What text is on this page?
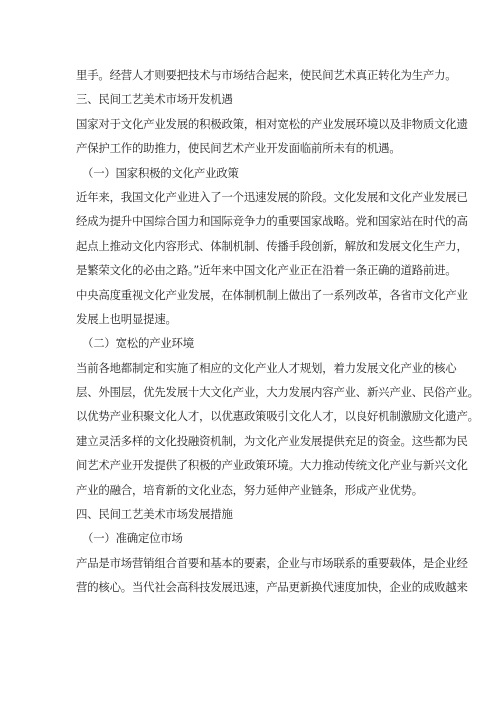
里手。经营人才则要把技术与市场结合起来，使民间艺术真正转化为生产力。
三、民间工艺美术市场开发机遇
国家对于文化产业发展的积极政策，相对宽松的产业发展环境以及非物质文化遗
产保护工作的助推力，使民间艺术产业开发面临前所未有的机遇。
（一）国家积极的文化产业政策
近年来，我国文化产业进入了一个迅速发展的阶段。文化发展和文化产业发展已
经成为提升中国综合国力和国际竞争力的重要国家战略。党和国家站在时代的高
起点上推动文化内容形式、体制机制、传播手段创新，解放和发展文化生产力，
是繁荣文化的必由之路。”近年来中国文化产业正在沿着一条正确的道路前进。
中央高度重视文化产业发展，在体制机制上做出了一系列改革，各省市文化产业
发展上也明显提速。
（二）宽松的产业环境
当前各地都制定和实施了相应的文化产业人才规划，着力发展文化产业的核心
层、外围层，优先发展十大文化产业，大力发展内容产业、新兴产业、民俗产业。
以优势产业积聚文化人才，以优惠政策吸引文化人才，以良好机制激励文化遗产。
建立灵活多样的文化投融资机制，为文化产业发展提供充足的资金。这些都为民
间艺术产业开发提供了积极的产业政策环境。大力推动传统文化产业与新兴文化
产业的融合，培育新的文化业态，努力延伸产业链条，形成产业优势。
四、民间工艺美术市场发展措施
（一）准确定位市场
产品是市场营销组合首要和基本的要素，企业与市场联系的重要载体，是企业经
营的核心。当代社会高科技发展迅速，产品更新换代速度加快，企业的成败越来
